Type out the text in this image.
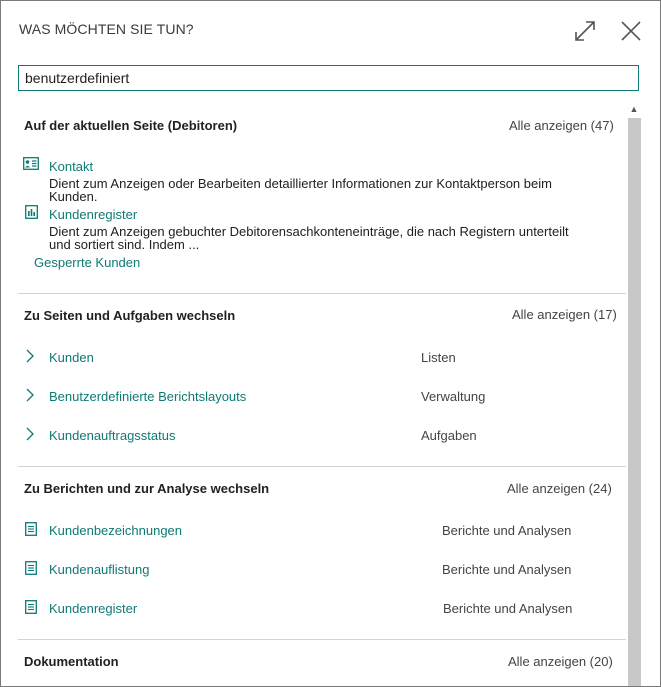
WAS MÖCHTEN SIE TUN?
benutzerdefiniert
Auf der aktuellen Seite (Debitoren)	Alle anzeigen (47)
Kontakt
Dient zum Anzeigen oder Bearbeiten detaillierter Informationen zur Kontaktperson beim Kunden.
Kundenregister
Dient zum Anzeigen gebuchter Debitorensachkonteneinträge, die nach Registern unterteilt und sortiert sind. Indem ...
Gesperrte Kunden
Zu Seiten und Aufgaben wechseln	Alle anzeigen (17)
Kunden	Listen
Benutzerdefinierte Berichtslayouts	Verwaltung
Kundenauftragsstatus	Aufgaben
Zu Berichten und zur Analyse wechseln	Alle anzeigen (24)
Kundenbezeichnungen	Berichte und Analysen
Kundenauflistung	Berichte und Analysen
Kundenregister	Berichte und Analysen
Dokumentation	Alle anzeigen (20)
▲
